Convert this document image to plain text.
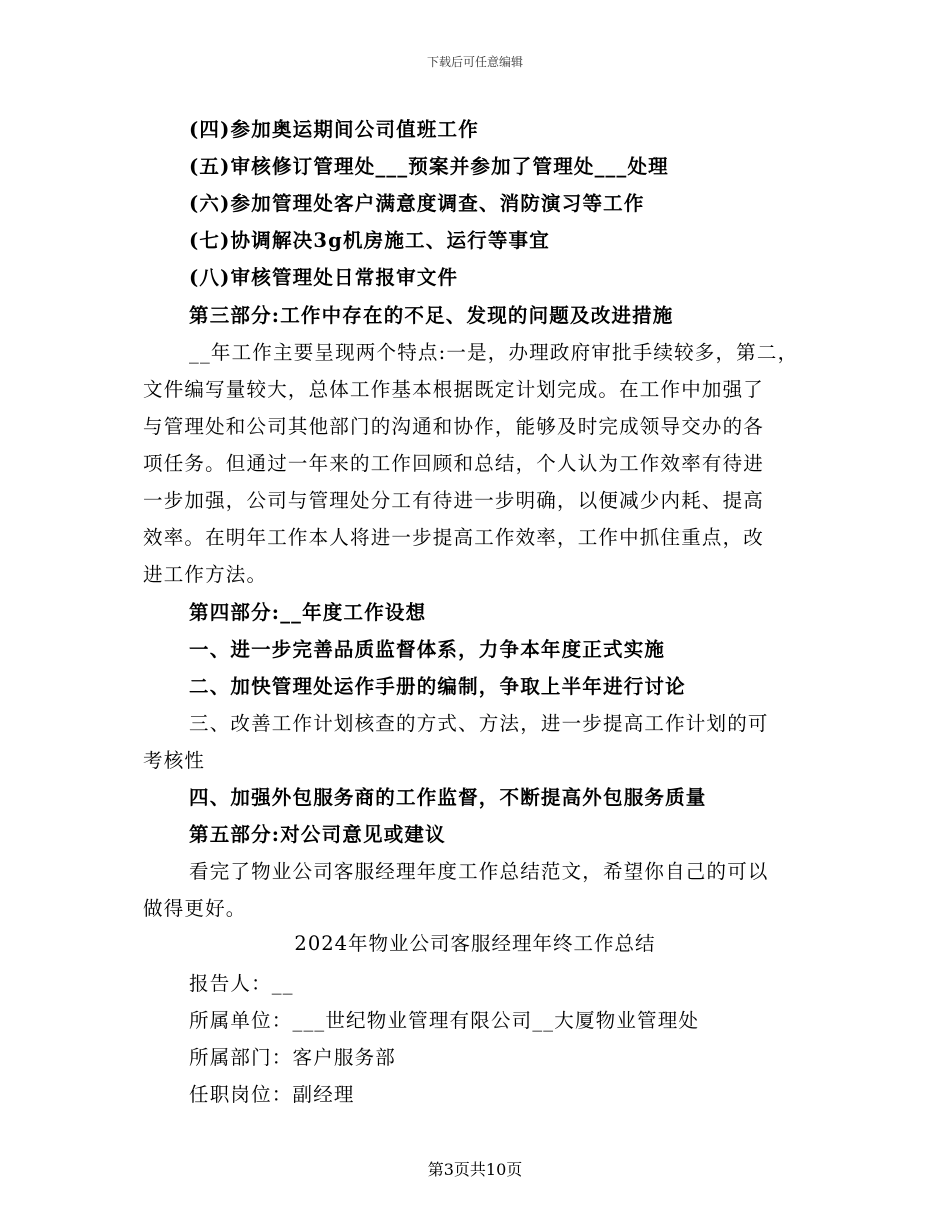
下载后可任意编辑
(四)参加奥运期间公司值班工作
(五)审核修订管理处___预案并参加了管理处___处理
(六)参加管理处客户满意度调查、消防演习等工作
(七)协调解决3g机房施工、运行等事宜
(八)审核管理处日常报审文件
第三部分:工作中存在的不足、发现的问题及改进措施
__年工作主要呈现两个特点:一是，办理政府审批手续较多，第二，
文件编写量较大，总体工作基本根据既定计划完成。在工作中加强了
与管理处和公司其他部门的沟通和协作，能够及时完成领导交办的各
项任务。但通过一年来的工作回顾和总结，个人认为工作效率有待进
一步加强，公司与管理处分工有待进一步明确，以便减少内耗、提高
效率。在明年工作本人将进一步提高工作效率，工作中抓住重点，改
进工作方法。
第四部分:__年度工作设想
一、进一步完善品质监督体系，力争本年度正式实施
二、加快管理处运作手册的编制，争取上半年进行讨论
三、改善工作计划核查的方式、方法，进一步提高工作计划的可
考核性
四、加强外包服务商的工作监督，不断提高外包服务质量
第五部分:对公司意见或建议
看完了物业公司客服经理年度工作总结范文，希望你自己的可以
做得更好。
2024年物业公司客服经理年终工作总结
报告人：__
所属单位：___世纪物业管理有限公司__大厦物业管理处
所属部门：客户服务部
任职岗位：副经理
第3页共10页
